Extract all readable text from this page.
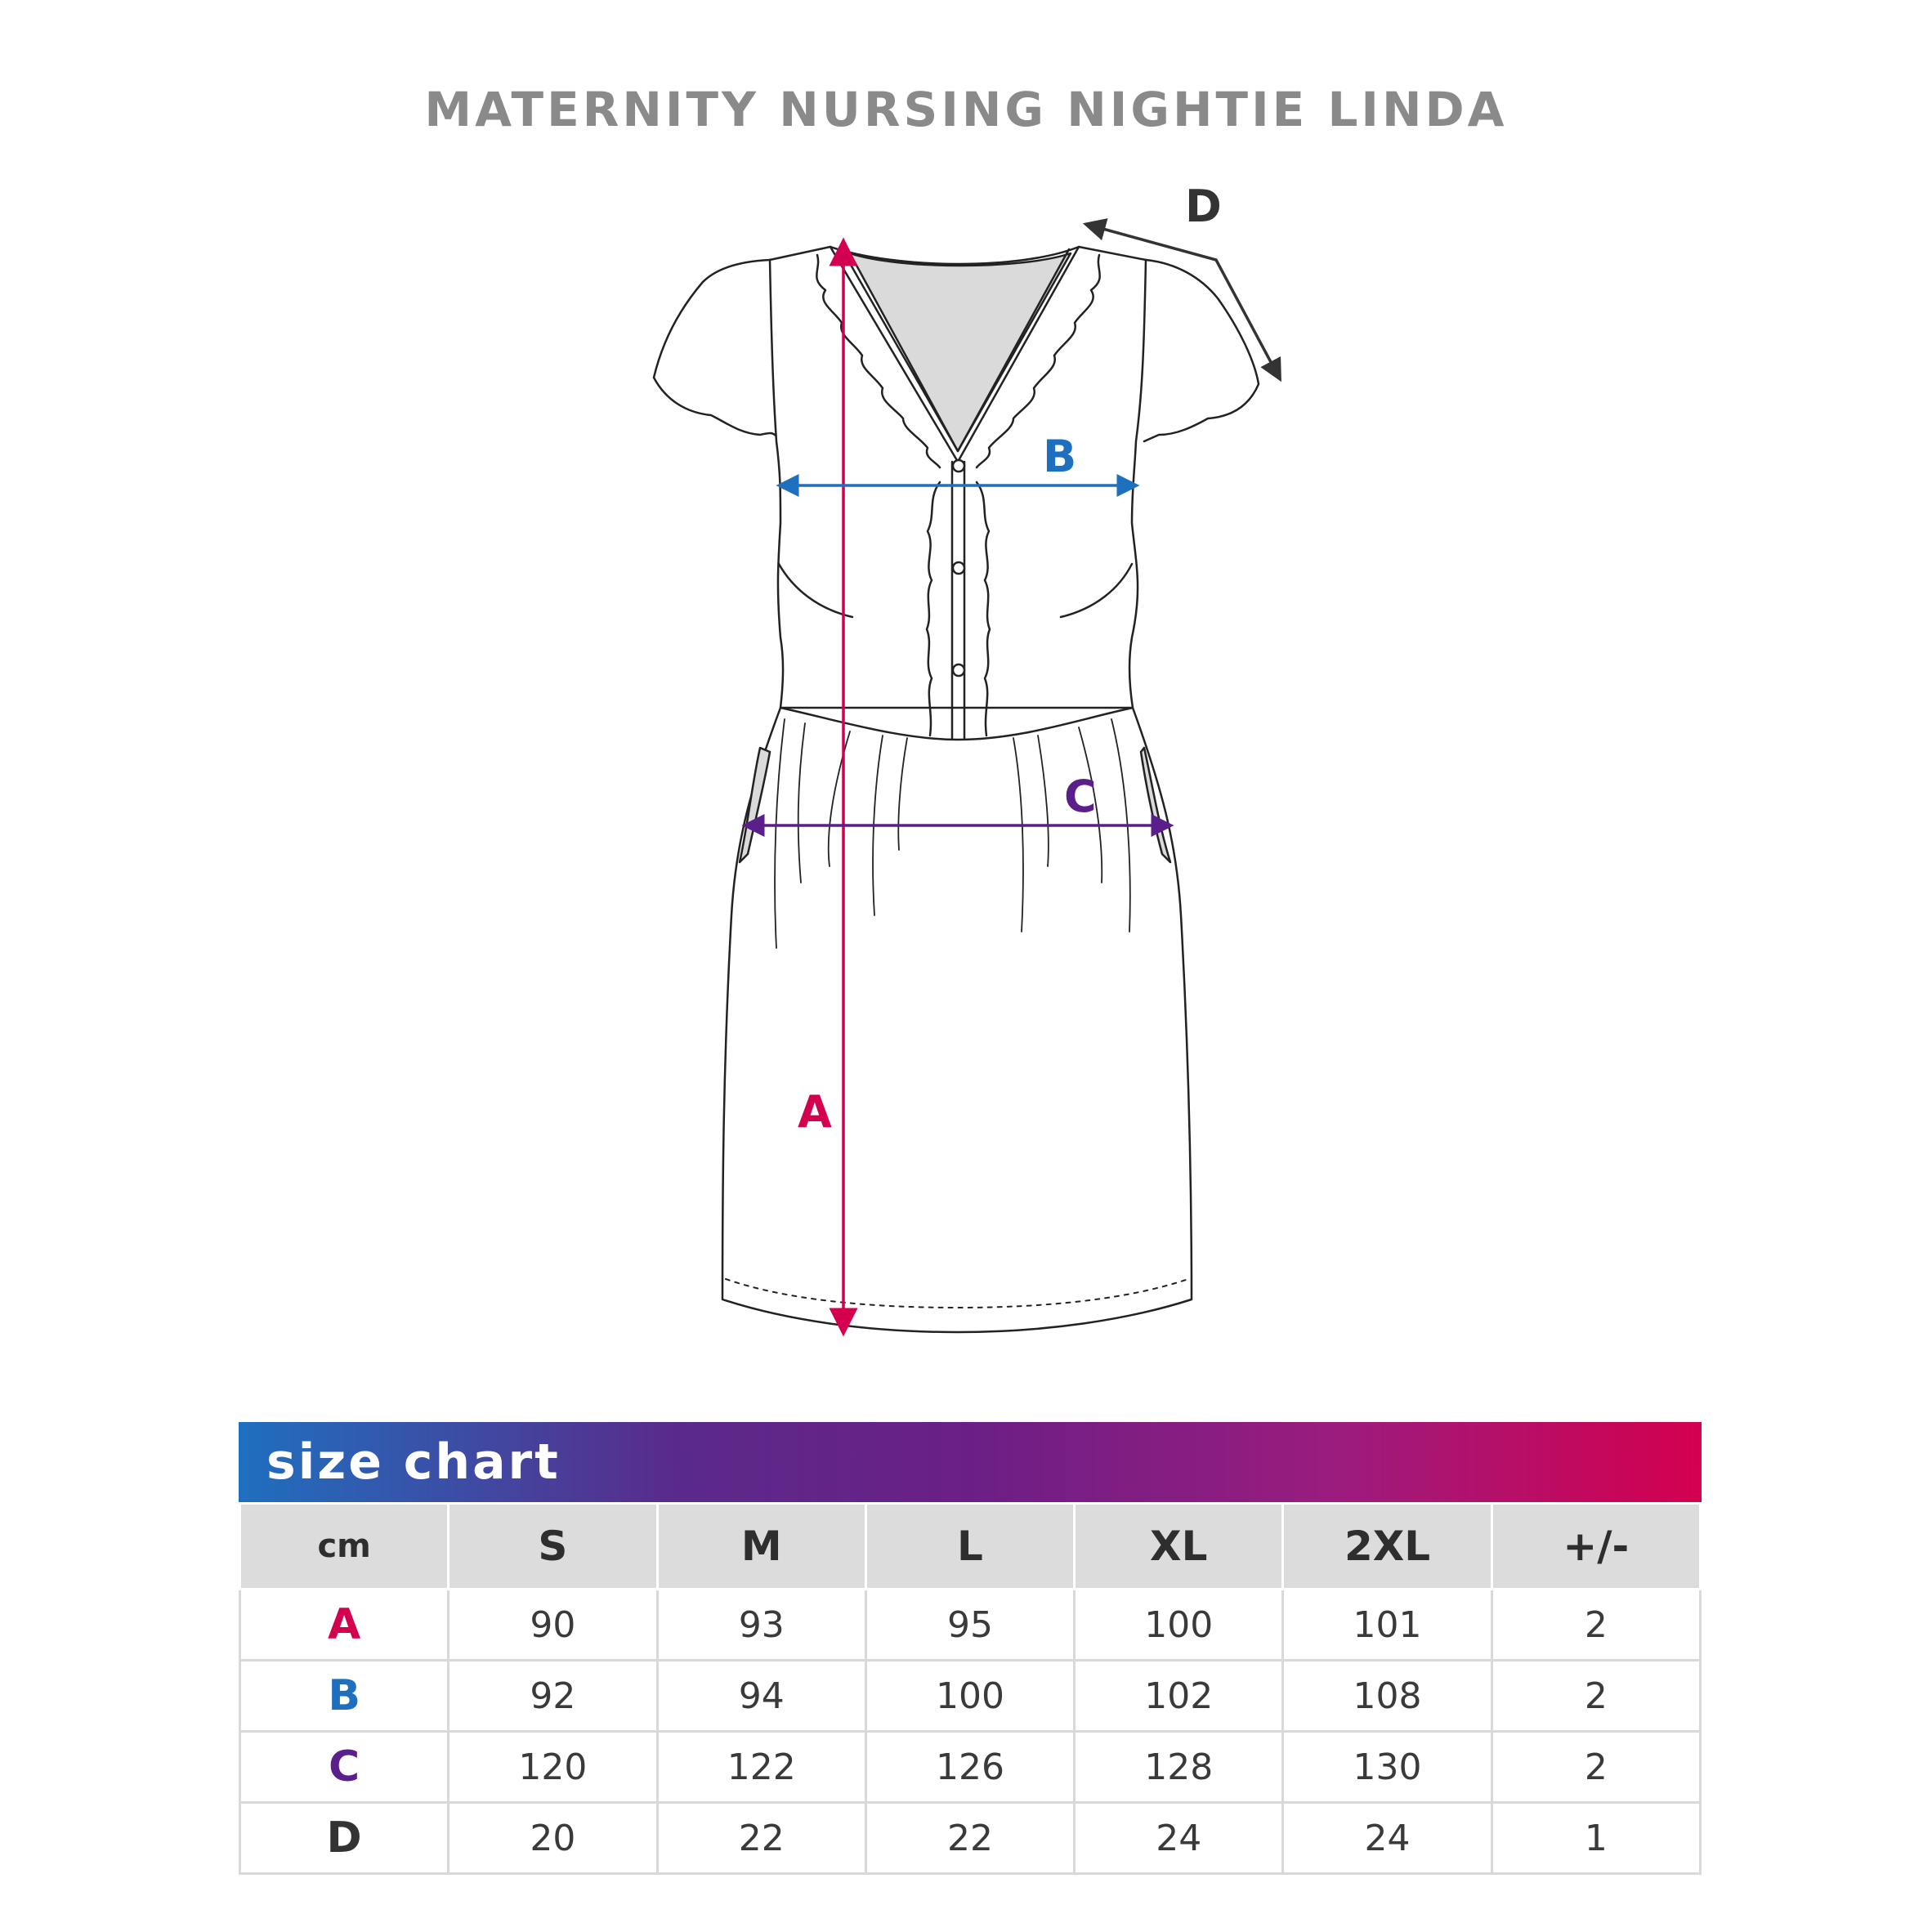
MATERNITY NURSING NIGHTIE LINDA
A
B
C
D
size chart
cm	S	M	L	XL	2XL	+/-
A	90	93	95	100	101	2
B	92	94	100	102	108	2
C	120	122	126	128	130	2
D	20	22	22	24	24	1
